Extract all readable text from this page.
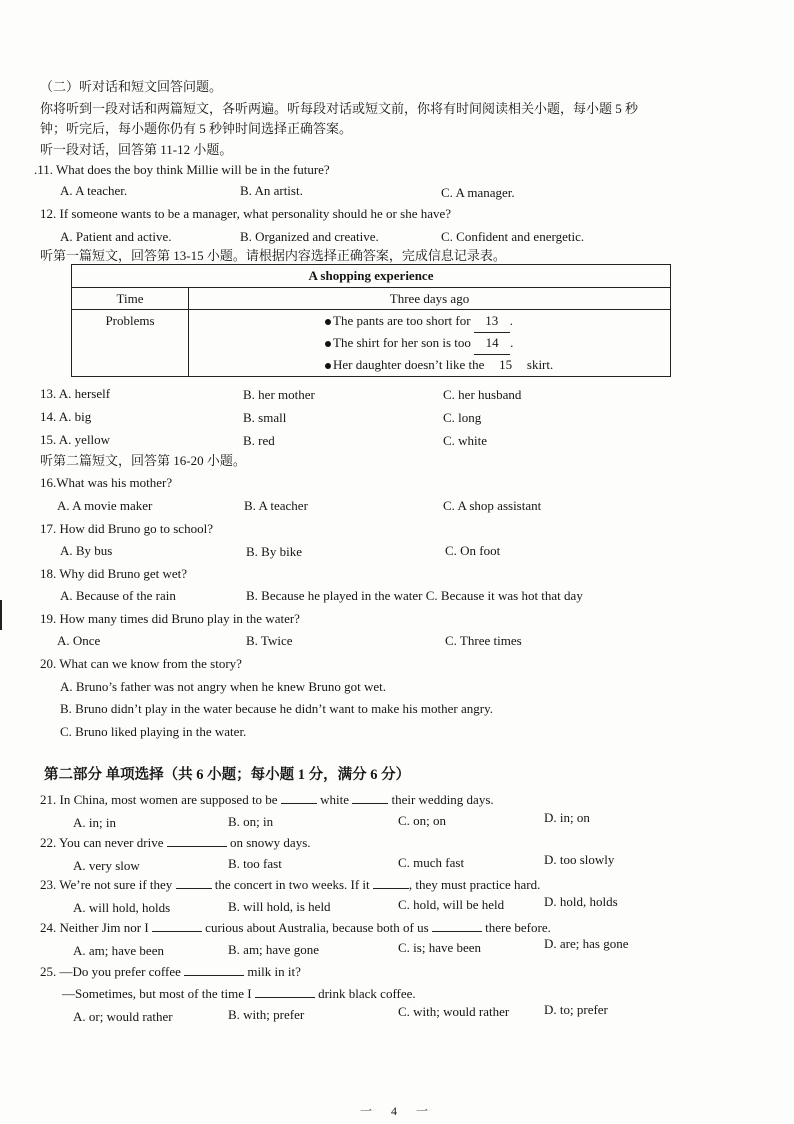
（二）听对话和短文回答问题。
你将听到一段对话和两篇短文，各听两遍。听每段对话或短文前，你将有时间阅读相关小题，每小题 5 秒
钟；听完后，每小题你仍有 5 秒钟时间选择正确答案。
听一段对话，回答第 11-12 小题。
.11. What does the boy think Millie will be in the future?
A. A teacher.	B. An artist.	C. A manager.
12. If someone wants to be a manager, what personality should he or she have?
A. Patient and active.	B. Organized and creative.	C. Confident and energetic.
听第一篇短文，回答第 13-15 小题。请根据内容选择正确答案，完成信息记录表。
A shopping experience	
Time	Three days ago
Problems	The pants are too short for 13 .
The shirt for her son is too 14 .
Her daughter doesn’t like the 15 skirt.
13. A. herself	B. her mother	C. her husband
14. A. big	B. small	C. long
15. A. yellow	B. red	C. white
听第二篇短文，回答第 16-20 小题。
16.What was his mother?
A. A movie maker	B. A teacher	C. A shop assistant
17. How did Bruno go to school?
A. By bus	B. By bike	C. On foot
18. Why did Bruno get wet?
A. Because of the rain	B. Because he played in the water C. Because it was hot that day
19. How many times did Bruno play in the water?
A. Once	B. Twice	C. Three times
20. What can we know from the story?
A. Bruno’s father was not angry when he knew Bruno got wet.
B. Bruno didn’t play in the water because he didn’t want to make his mother angry.
C. Bruno liked playing in the water.
第二部分 单项选择（共 6 小题；每小题 1 分，满分 6 分）
21. In China, most women are supposed to be	white	their wedding days.
A. in; in	B. on; in	C. on; on	D. in; on
22. You can never drive	on snowy days.
A. very slow	B. too fast	C. much fast	D. too slowly
23. We’re not sure if they	the concert in two weeks. If it	, they must practice hard.
A. will hold, holds	B. will hold, is held	C. hold, will be held	D. hold, holds
24. Neither Jim nor I	curious about Australia, because both of us	there before.
A. am; have been	B. am; have gone	C. is; have been	D. are; has gone
25. —Do you prefer coffee	milk in it?
—Sometimes, but most of the time I	drink black coffee.
A. or; would rather	B. with; prefer	C. with; would rather	D. to; prefer
一 4 一
